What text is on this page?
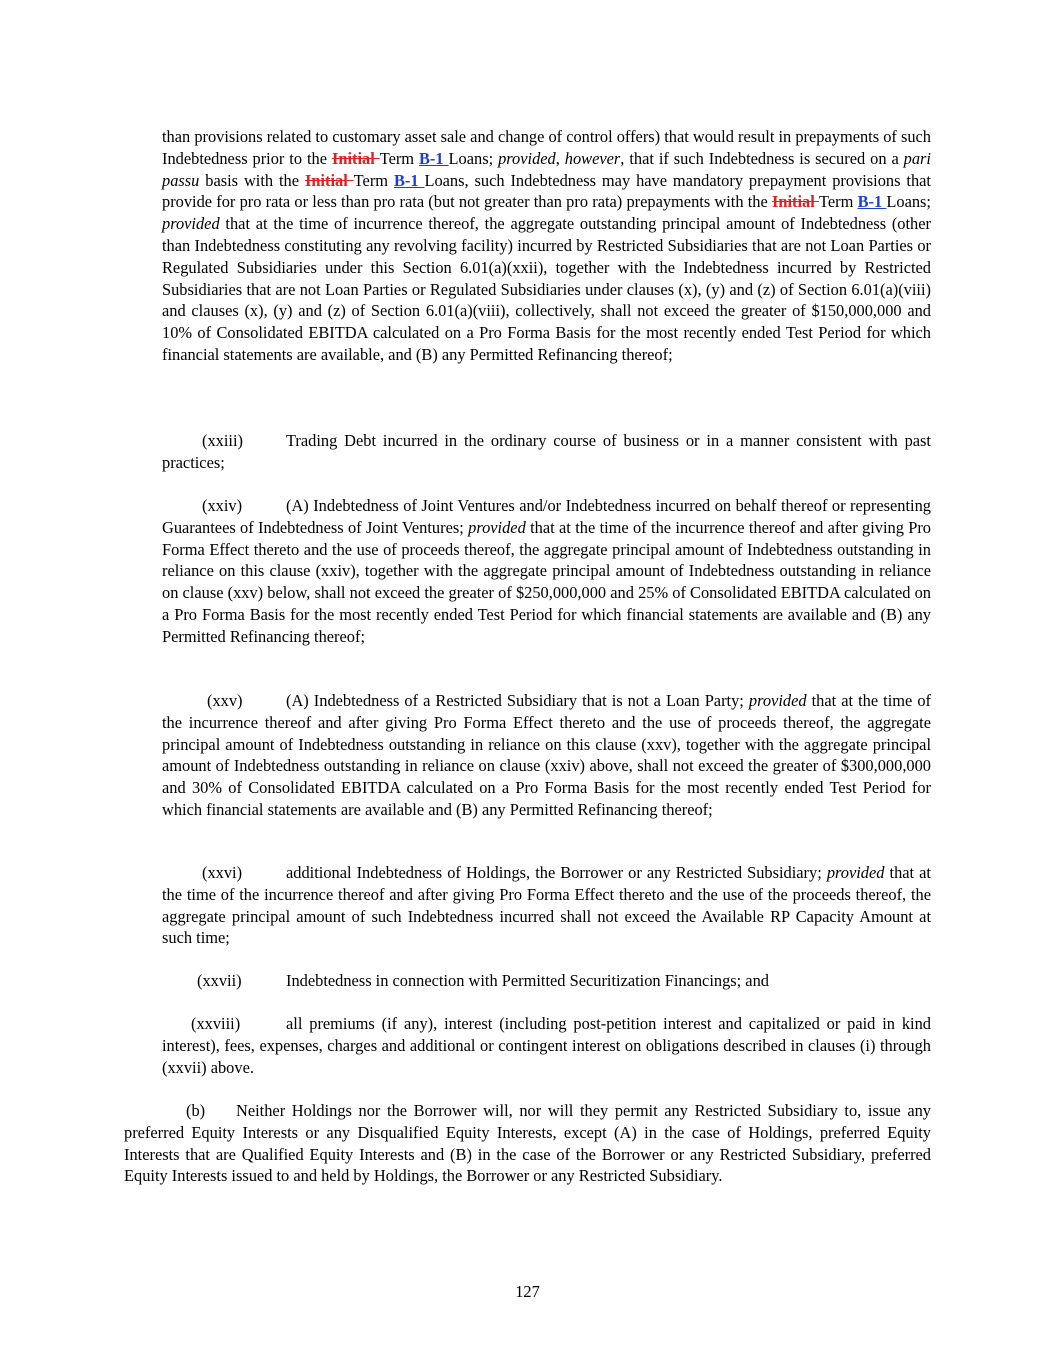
than provisions related to customary asset sale and change of control offers) that would result in prepayments of such Indebtedness prior to the Initial Term B-1 Loans; provided, however, that if such Indebtedness is secured on a pari passu basis with the Initial Term B-1 Loans, such Indebtedness may have mandatory prepayment provisions that provide for pro rata or less than pro rata (but not greater than pro rata) prepayments with the Initial Term B-1 Loans; provided that at the time of incurrence thereof, the aggregate outstanding principal amount of Indebtedness (other than Indebtedness constituting any revolving facility) incurred by Restricted Subsidiaries that are not Loan Parties or Regulated Subsidiaries under this Section 6.01(a)(xxii), together with the Indebtedness incurred by Restricted Subsidiaries that are not Loan Parties or Regulated Subsidiaries under clauses (x), (y) and (z) of Section 6.01(a)(viii) and clauses (x), (y) and (z) of Section 6.01(a)(viii), collectively, shall not exceed the greater of $150,000,000 and 10% of Consolidated EBITDA calculated on a Pro Forma Basis for the most recently ended Test Period for which financial statements are available, and (B) any Permitted Refinancing thereof;

(xxiii)	Trading Debt incurred in the ordinary course of business or in a manner consistent with past practices;

(xxiv)	(A) Indebtedness of Joint Ventures and/or Indebtedness incurred on behalf thereof or representing Guarantees of Indebtedness of Joint Ventures; provided that at the time of the incurrence thereof and after giving Pro Forma Effect thereto and the use of proceeds thereof, the aggregate principal amount of Indebtedness outstanding in reliance on this clause (xxiv), together with the aggregate principal amount of Indebtedness outstanding in reliance on clause (xxv) below, shall not exceed the greater of $250,000,000 and 25% of Consolidated EBITDA calculated on a Pro Forma Basis for the most recently ended Test Period for which financial statements are available and (B) any Permitted Refinancing thereof;

(xxv)	(A) Indebtedness of a Restricted Subsidiary that is not a Loan Party; provided that at the time of the incurrence thereof and after giving Pro Forma Effect thereto and the use of proceeds thereof, the aggregate principal amount of Indebtedness outstanding in reliance on this clause (xxv), together with the aggregate principal amount of Indebtedness outstanding in reliance on clause (xxiv) above, shall not exceed the greater of $300,000,000 and 30% of Consolidated EBITDA calculated on a Pro Forma Basis for the most recently ended Test Period for which financial statements are available and (B) any Permitted Refinancing thereof;

(xxvi)	additional Indebtedness of Holdings, the Borrower or any Restricted Subsidiary; provided that at the time of the incurrence thereof and after giving Pro Forma Effect thereto and the use of the proceeds thereof, the aggregate principal amount of such Indebtedness incurred shall not exceed the Available RP Capacity Amount at such time;

(xxvii)	Indebtedness in connection with Permitted Securitization Financings; and

(xxviii)	all premiums (if any), interest (including post-petition interest and capitalized or paid in kind interest), fees, expenses, charges and additional or contingent interest on obligations described in clauses (i) through (xxvii) above.

(b) Neither Holdings nor the Borrower will, nor will they permit any Restricted Subsidiary to, issue any preferred Equity Interests or any Disqualified Equity Interests, except (A) in the case of Holdings, preferred Equity Interests that are Qualified Equity Interests and (B) in the case of the Borrower or any Restricted Subsidiary, preferred Equity Interests issued to and held by Holdings, the Borrower or any Restricted Subsidiary.

127
